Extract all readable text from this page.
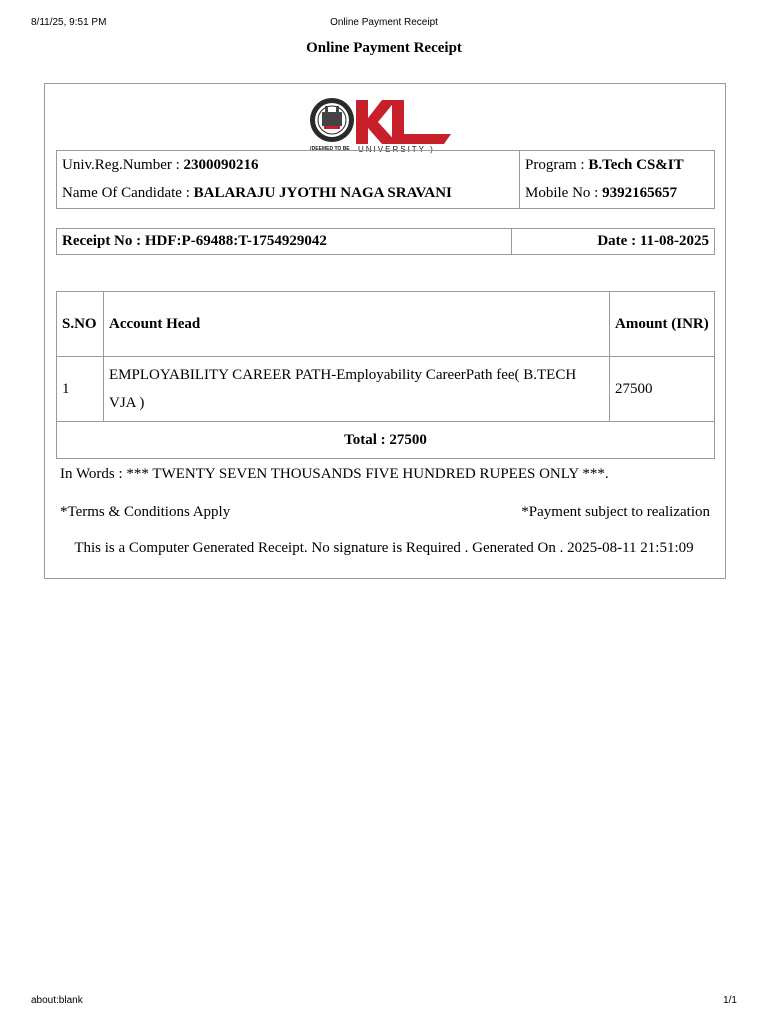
8/11/25, 9:51 PM	Online Payment Receipt
Online Payment Receipt
(DEEMED TO BE UNIVERSITY )
Univ.Reg.Number : 2300090216	Program : B.Tech CS&IT
Name Of Candidate : BALARAJU JYOTHI NAGA SRAVANI	Mobile No : 9392165657
Receipt No : HDF:P-69488:T-1754929042	Date : 11-08-2025
S.NO	Account Head	Amount (INR)
1	EMPLOYABILITY CAREER PATH-Employability CareerPath fee( B.TECH VJA )	27500
Total : 27500		
In Words : *** TWENTY SEVEN THOUSANDS FIVE HUNDRED RUPEES ONLY ***.
*Terms & Conditions Apply	*Payment subject to realization
This is a Computer Generated Receipt. No signature is Required . Generated On . 2025-08-11 21:51:09
about:blank	1/1
